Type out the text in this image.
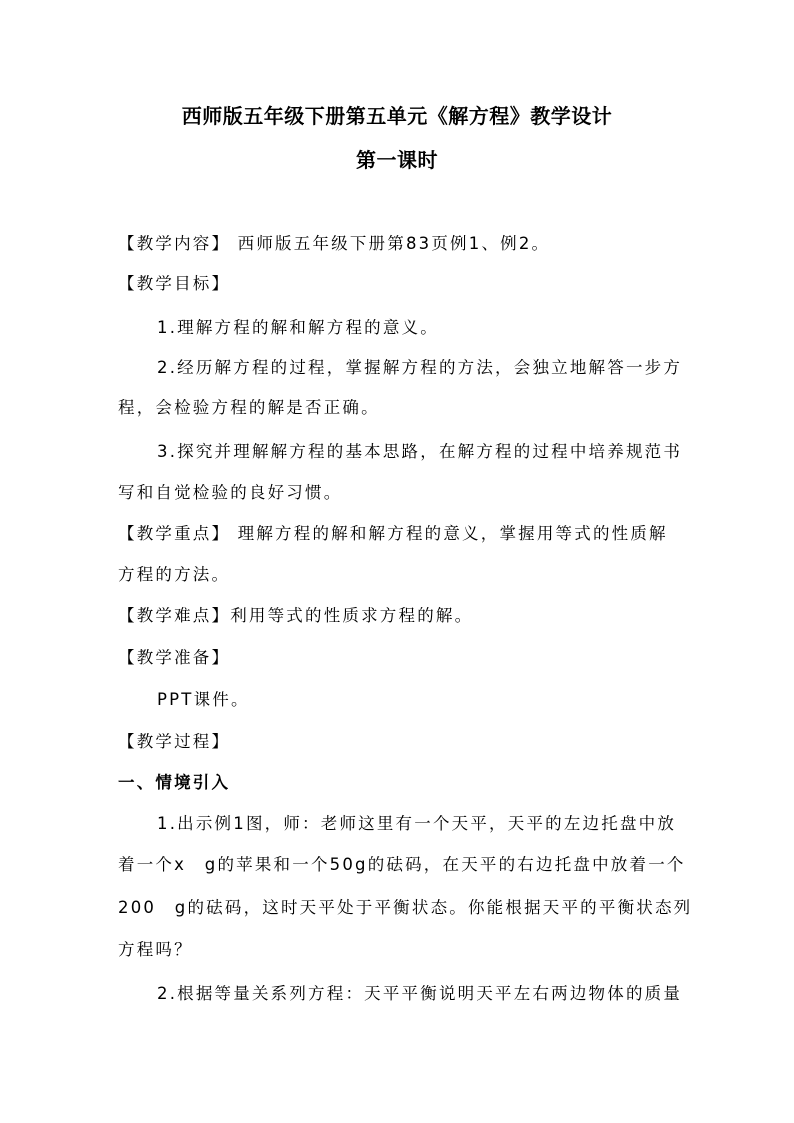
西师版五年级下册第五单元《解方程》教学设计
第一课时
【教学内容】 西师版五年级下册第83页例1、例2。
【教学目标】
1.理解方程的解和解方程的意义。
2.经历解方程的过程，掌握解方程的方法，会独立地解答一步方
程，会检验方程的解是否正确。
3.探究并理解解方程的基本思路，在解方程的过程中培养规范书
写和自觉检验的良好习惯。
【教学重点】 理解方程的解和解方程的意义，掌握用等式的性质解
方程的方法。
【教学难点】利用等式的性质求方程的解。
【教学准备】
PPT课件。
【教学过程】
一、情境引入
1.出示例1图，师：老师这里有一个天平，天平的左边托盘中放
着一个x　g的苹果和一个50g的砝码，在天平的右边托盘中放着一个
200　g的砝码，这时天平处于平衡状态。你能根据天平的平衡状态列
方程吗？
2.根据等量关系列方程：天平平衡说明天平左右两边物体的质量
